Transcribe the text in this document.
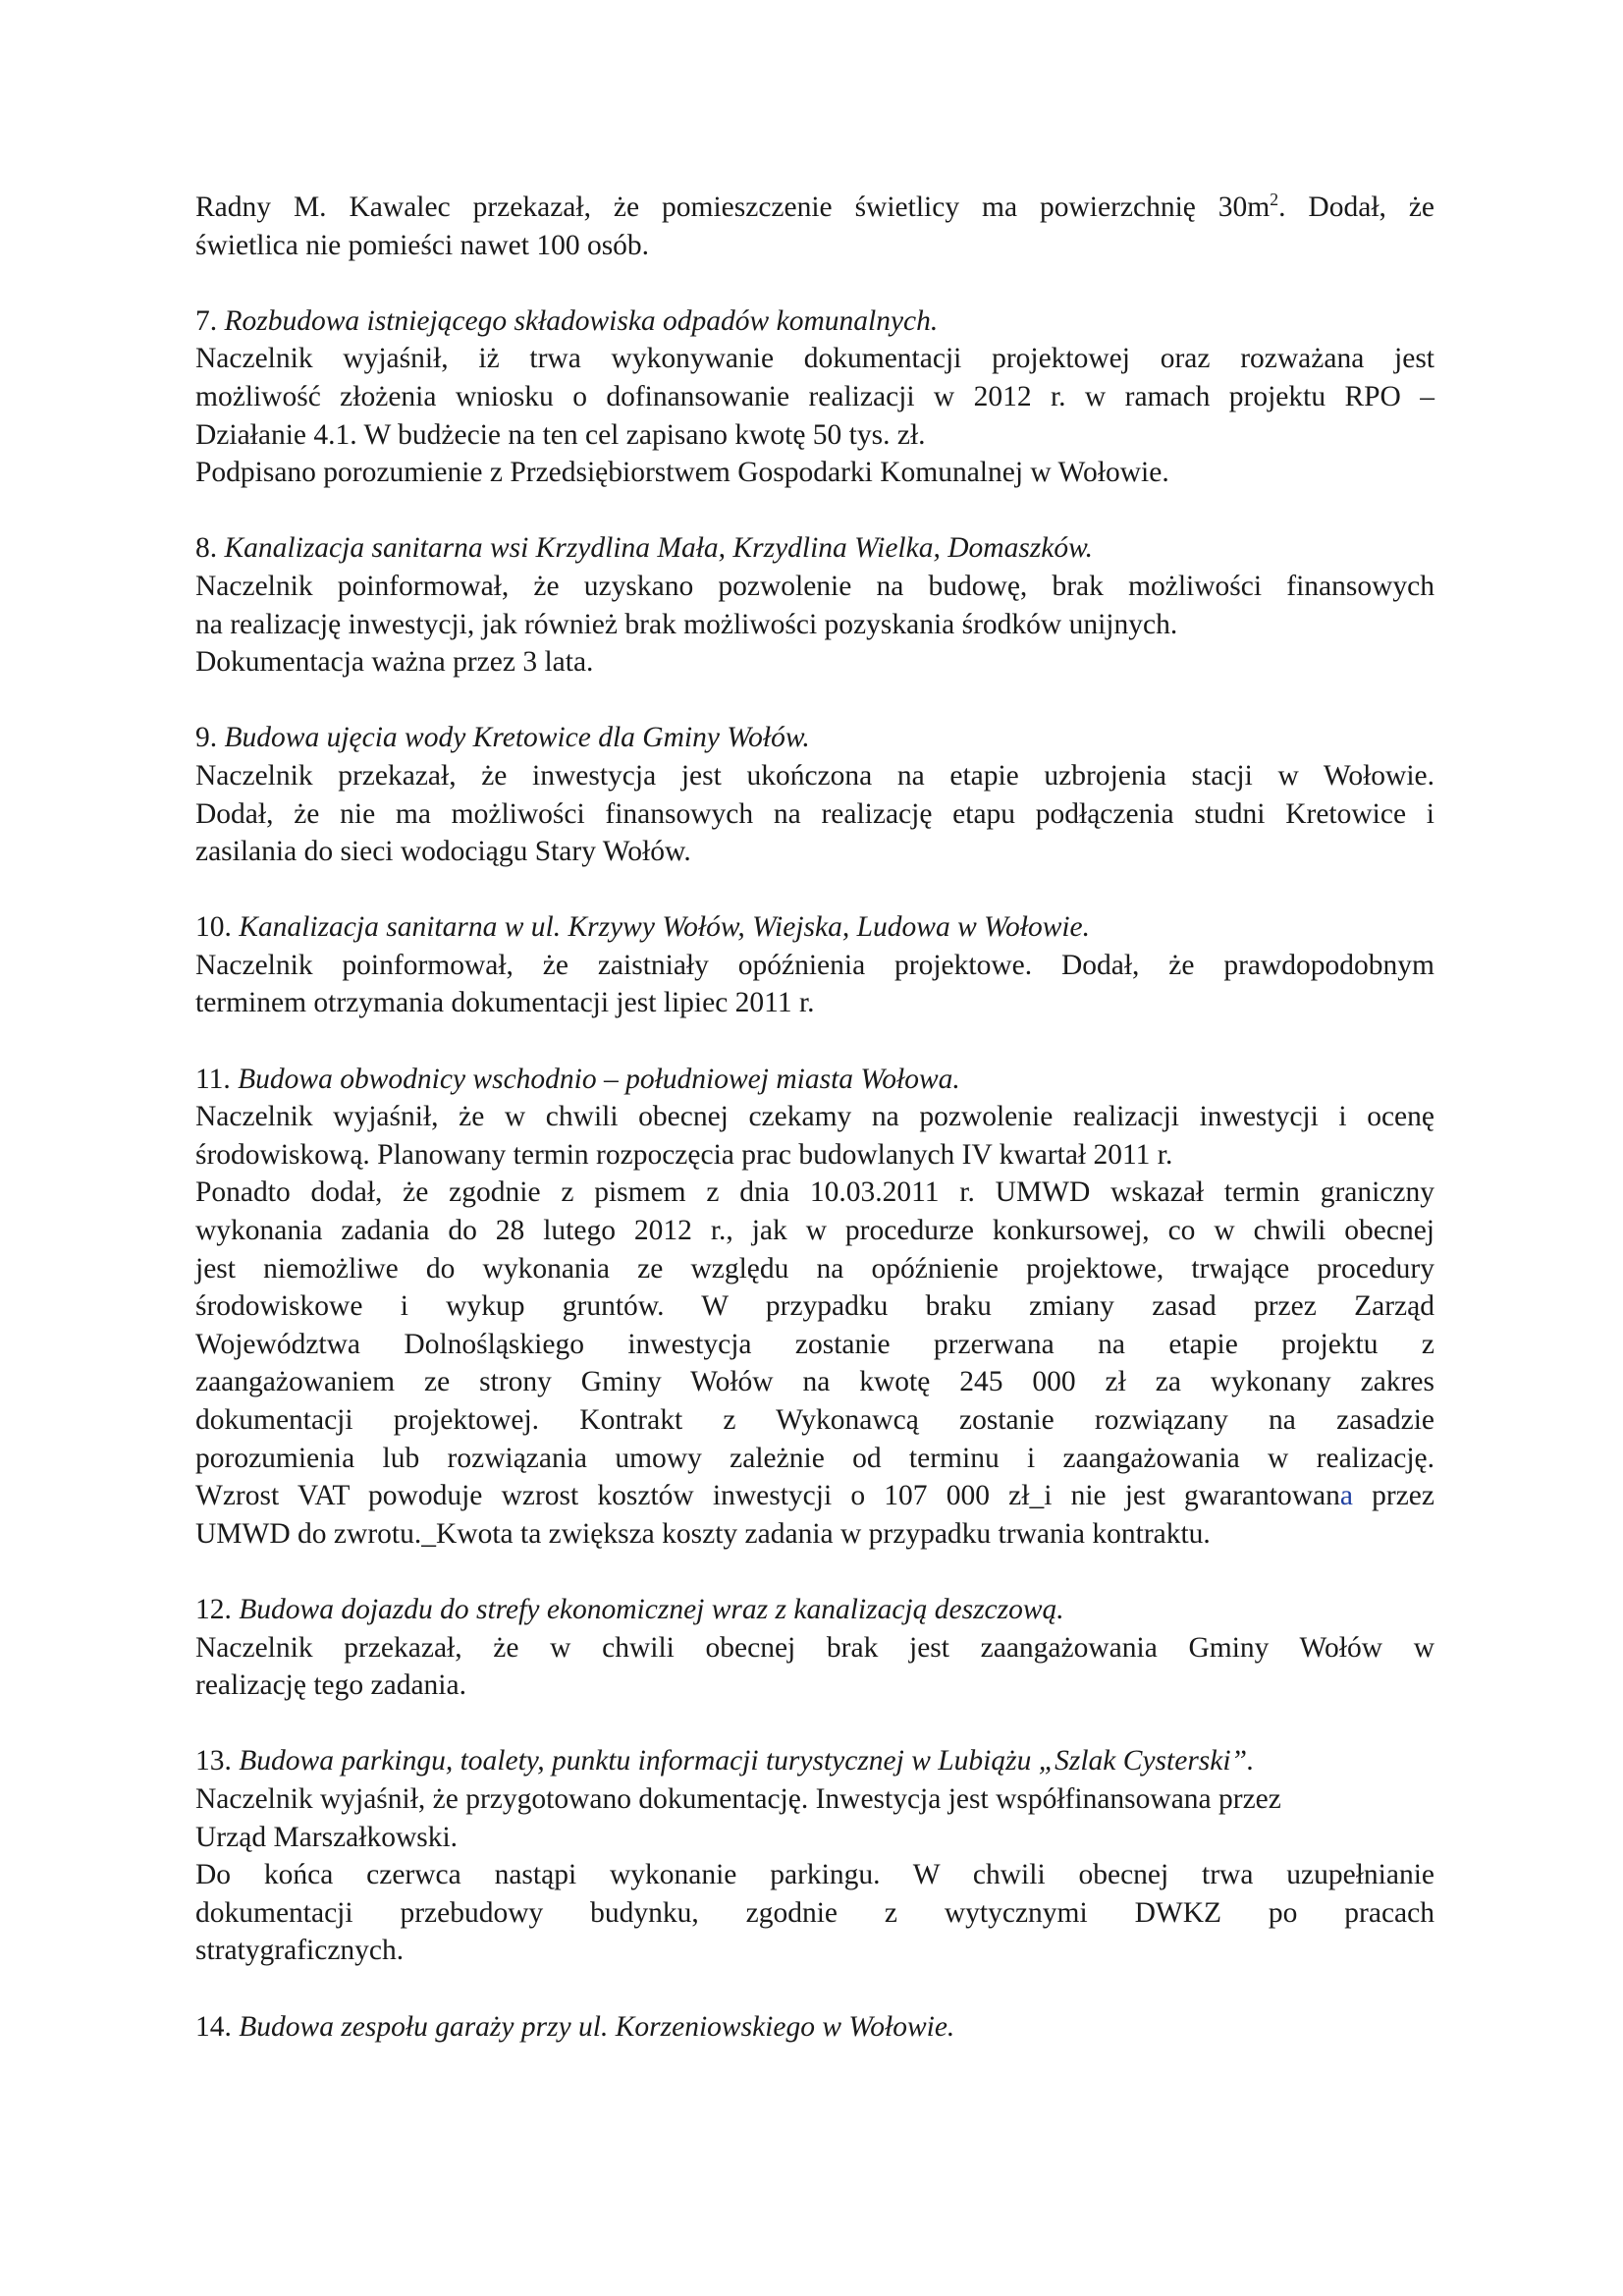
Radny M. Kawalec przekazał, że pomieszczenie świetlicy ma powierzchnię $30m^2$. Dodał, że
świetlica nie pomieści nawet 100 osób.
7. Rozbudowa istniejącego składowiska odpadów komunalnych.
Naczelnik wyjaśnił, iż trwa wykonywanie dokumentacji projektowej oraz rozważana jest
możliwość złożenia wniosku o dofinansowanie realizacji w 2012 r. w ramach projektu RPO –
Działanie 4.1. W budżecie na ten cel zapisano kwotę 50 tys. zł.
Podpisano porozumienie z Przedsiębiorstwem Gospodarki Komunalnej w Wołowie.
8. Kanalizacja sanitarna wsi Krzydlina Mała, Krzydlina Wielka, Domaszków.
Naczelnik poinformował, że uzyskano pozwolenie na budowę, brak możliwości finansowych
na realizację inwestycji, jak również brak możliwości pozyskania środków unijnych.
Dokumentacja ważna przez 3 lata.
9. Budowa ujęcia wody Kretowice dla Gminy Wołów.
Naczelnik przekazał, że inwestycja jest ukończona na etapie uzbrojenia stacji w Wołowie.
Dodał, że nie ma możliwości finansowych na realizację etapu podłączenia studni Kretowice i
zasilania do sieci wodociągu Stary Wołów.
10. Kanalizacja sanitarna w ul. Krzywy Wołów, Wiejska, Ludowa w Wołowie.
Naczelnik poinformował, że zaistniały opóźnienia projektowe. Dodał, że prawdopodobnym
terminem otrzymania dokumentacji jest lipiec 2011 r.
11. Budowa obwodnicy wschodnio – południowej miasta Wołowa.
Naczelnik wyjaśnił, że w chwili obecnej czekamy na pozwolenie realizacji inwestycji i ocenę
środowiskową. Planowany termin rozpoczęcia prac budowlanych IV kwartał 2011 r.
Ponadto dodał, że zgodnie z pismem z dnia 10.03.2011 r. UMWD wskazał termin graniczny
wykonania zadania do 28 lutego 2012 r., jak w procedurze konkursowej, co w chwili obecnej
jest niemożliwe do wykonania ze względu na opóźnienie projektowe, trwające procedury
środowiskowe i wykup gruntów. W przypadku braku zmiany zasad przez Zarząd
Województwa Dolnośląskiego inwestycja zostanie przerwana na etapie projektu z
zaangażowaniem ze strony Gminy Wołów na kwotę 245 000 zł za wykonany zakres
dokumentacji projektowej. Kontrakt z Wykonawcą zostanie rozwiązany na zasadzie
porozumienia lub rozwiązania umowy zależnie od terminu i zaangażowania w realizację.
Wzrost VAT powoduje wzrost kosztów inwestycji o 107 000 zł_i nie jest gwarantowana przez
UMWD do zwrotu._Kwota ta zwiększa koszty zadania w przypadku trwania kontraktu.
12. Budowa dojazdu do strefy ekonomicznej wraz z kanalizacją deszczową.
Naczelnik przekazał, że w chwili obecnej brak jest zaangażowania Gminy Wołów w
realizację tego zadania.
13. Budowa parkingu, toalety, punktu informacji turystycznej w Lubiążu „Szlak Cysterski”.
Naczelnik wyjaśnił, że przygotowano dokumentację. Inwestycja jest współfinansowana przez
Urząd Marszałkowski.
Do końca czerwca nastąpi wykonanie parkingu. W chwili obecnej trwa uzupełnianie
dokumentacji przebudowy budynku, zgodnie z wytycznymi DWKZ po pracach
stratygraficznych.
14. Budowa zespołu garaży przy ul. Korzeniowskiego w Wołowie.
